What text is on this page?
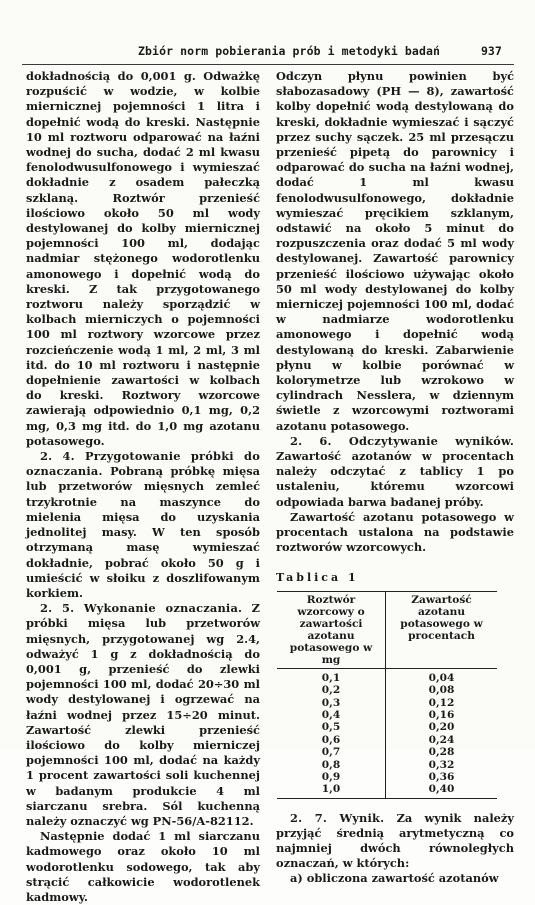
Zbiór norm pobierania prób i metodyki badań	937

dokładnością do 0,001 g. Odważkę rozpuścić w wodzie, w kolbie miernicznej pojemności 1 litra i dopełnić wodą do kreski. Następnie 10 ml roztworu odparować na łaźni wodnej do sucha, dodać 2 ml kwasu fenolodwusulfonowego i wymieszać dokładnie z osadem pałeczką szklaną. Roztwór przenieść ilościowo około 50 ml wody destylowanej do kolby miernicznej pojemności 100 ml, dodając nadmiar stężonego wodorotlenku amonowego i dopełnić wodą do kreski. Z tak przygotowanego roztworu należy sporządzić w kolbach mierniczych o pojemności 100 ml roztwory wzorcowe przez rozcieńczenie wodą 1 ml, 2 ml, 3 ml itd. do 10 ml roztworu i następnie dopełnienie zawartości w kolbach do kreski. Roztwory wzorcowe zawierają odpowiednio 0,1 mg, 0,2 mg, 0,3 mg itd. do 1,0 mg azotanu potasowego.

2. 4. Przygotowanie próbki do oznaczania. Pobraną próbkę mięsa lub przetworów mięsnych zemleć trzykrotnie na maszynce do mielenia mięsa do uzyskania jednolitej masy. W ten sposób otrzymaną masę wymieszać dokładnie, pobrać około 50 g i umieścić w słoiku z doszlifowanym korkiem.

2. 5. Wykonanie oznaczania. Z próbki mięsa lub przetworów mięsnych, przygotowanej wg 2.4, odważyć 1 g z dokładnością do 0,001 g, przenieść do zlewki pojemności 100 ml, dodać 20÷30 ml wody destylowanej i ogrzewać na łaźni wodnej przez 15÷20 minut. Zawartość zlewki przenieść ilościowo do kolby mierniczej pojemności 100 ml, dodać na każdy 1 procent zawartości soli kuchennej w badanym produkcie 4 ml siarczanu srebra. Sól kuchenną należy oznaczyć wg PN-56/A-82112.

Następnie dodać 1 ml siarczanu kadmowego oraz około 10 ml wodorotlenku sodowego, tak aby strącić całkowicie wodorotlenek kadmowy.

Odczyn płynu powinien być słabozasadowy (PH — 8), zawartość kolby dopełnić wodą destylowaną do kreski, dokładnie wymieszać i sączyć przez suchy sączek. 25 ml przesączu przenieść pipetą do parownicy i odparować do sucha na łaźni wodnej, dodać 1 ml kwasu fenolodwusulfonowego, dokładnie wymieszać pręcikiem szklanym, odstawić na około 5 minut do rozpuszczenia oraz dodać 5 ml wody destylowanej. Zawartość parownicy przenieść ilościowo używając około 50 ml wody destylowanej do kolby mierniczej pojemności 100 ml, dodać w nadmiarze wodorotlenku amonowego i dopełnić wodą destylowaną do kreski. Zabarwienie płynu w kolbie porównać w kolorymetrze lub wzrokowo w cylindrach Nesslera, w dziennym świetle z wzorcowymi roztworami azotanu potasowego.

2. 6. Odczytywanie wyników. Zawartość azotanów w procentach należy odczytać z tablicy 1 po ustaleniu, któremu wzorcowi odpowiada barwa badanej próby.

Zawartość azotanu potasowego w procentach ustalona na podstawie roztworów wzorcowych.

Tablica 1

Roztwór wzorcowy o zawartości azotanu potasowego w mg	Zawartość azotanu potasowego w procentach
0,1	0,04
0,2	0,08
0,3	0,12
0,4	0,16
0,5	0,20
0,6	0,24
0,7	0,28
0,8	0,32
0,9	0,36
1,0	0,40

2. 7. Wynik. Za wynik należy przyjąć średnią arytmetyczną co najmniej dwóch równoległych oznaczań, w których:

a) obliczona zawartość azotanów
